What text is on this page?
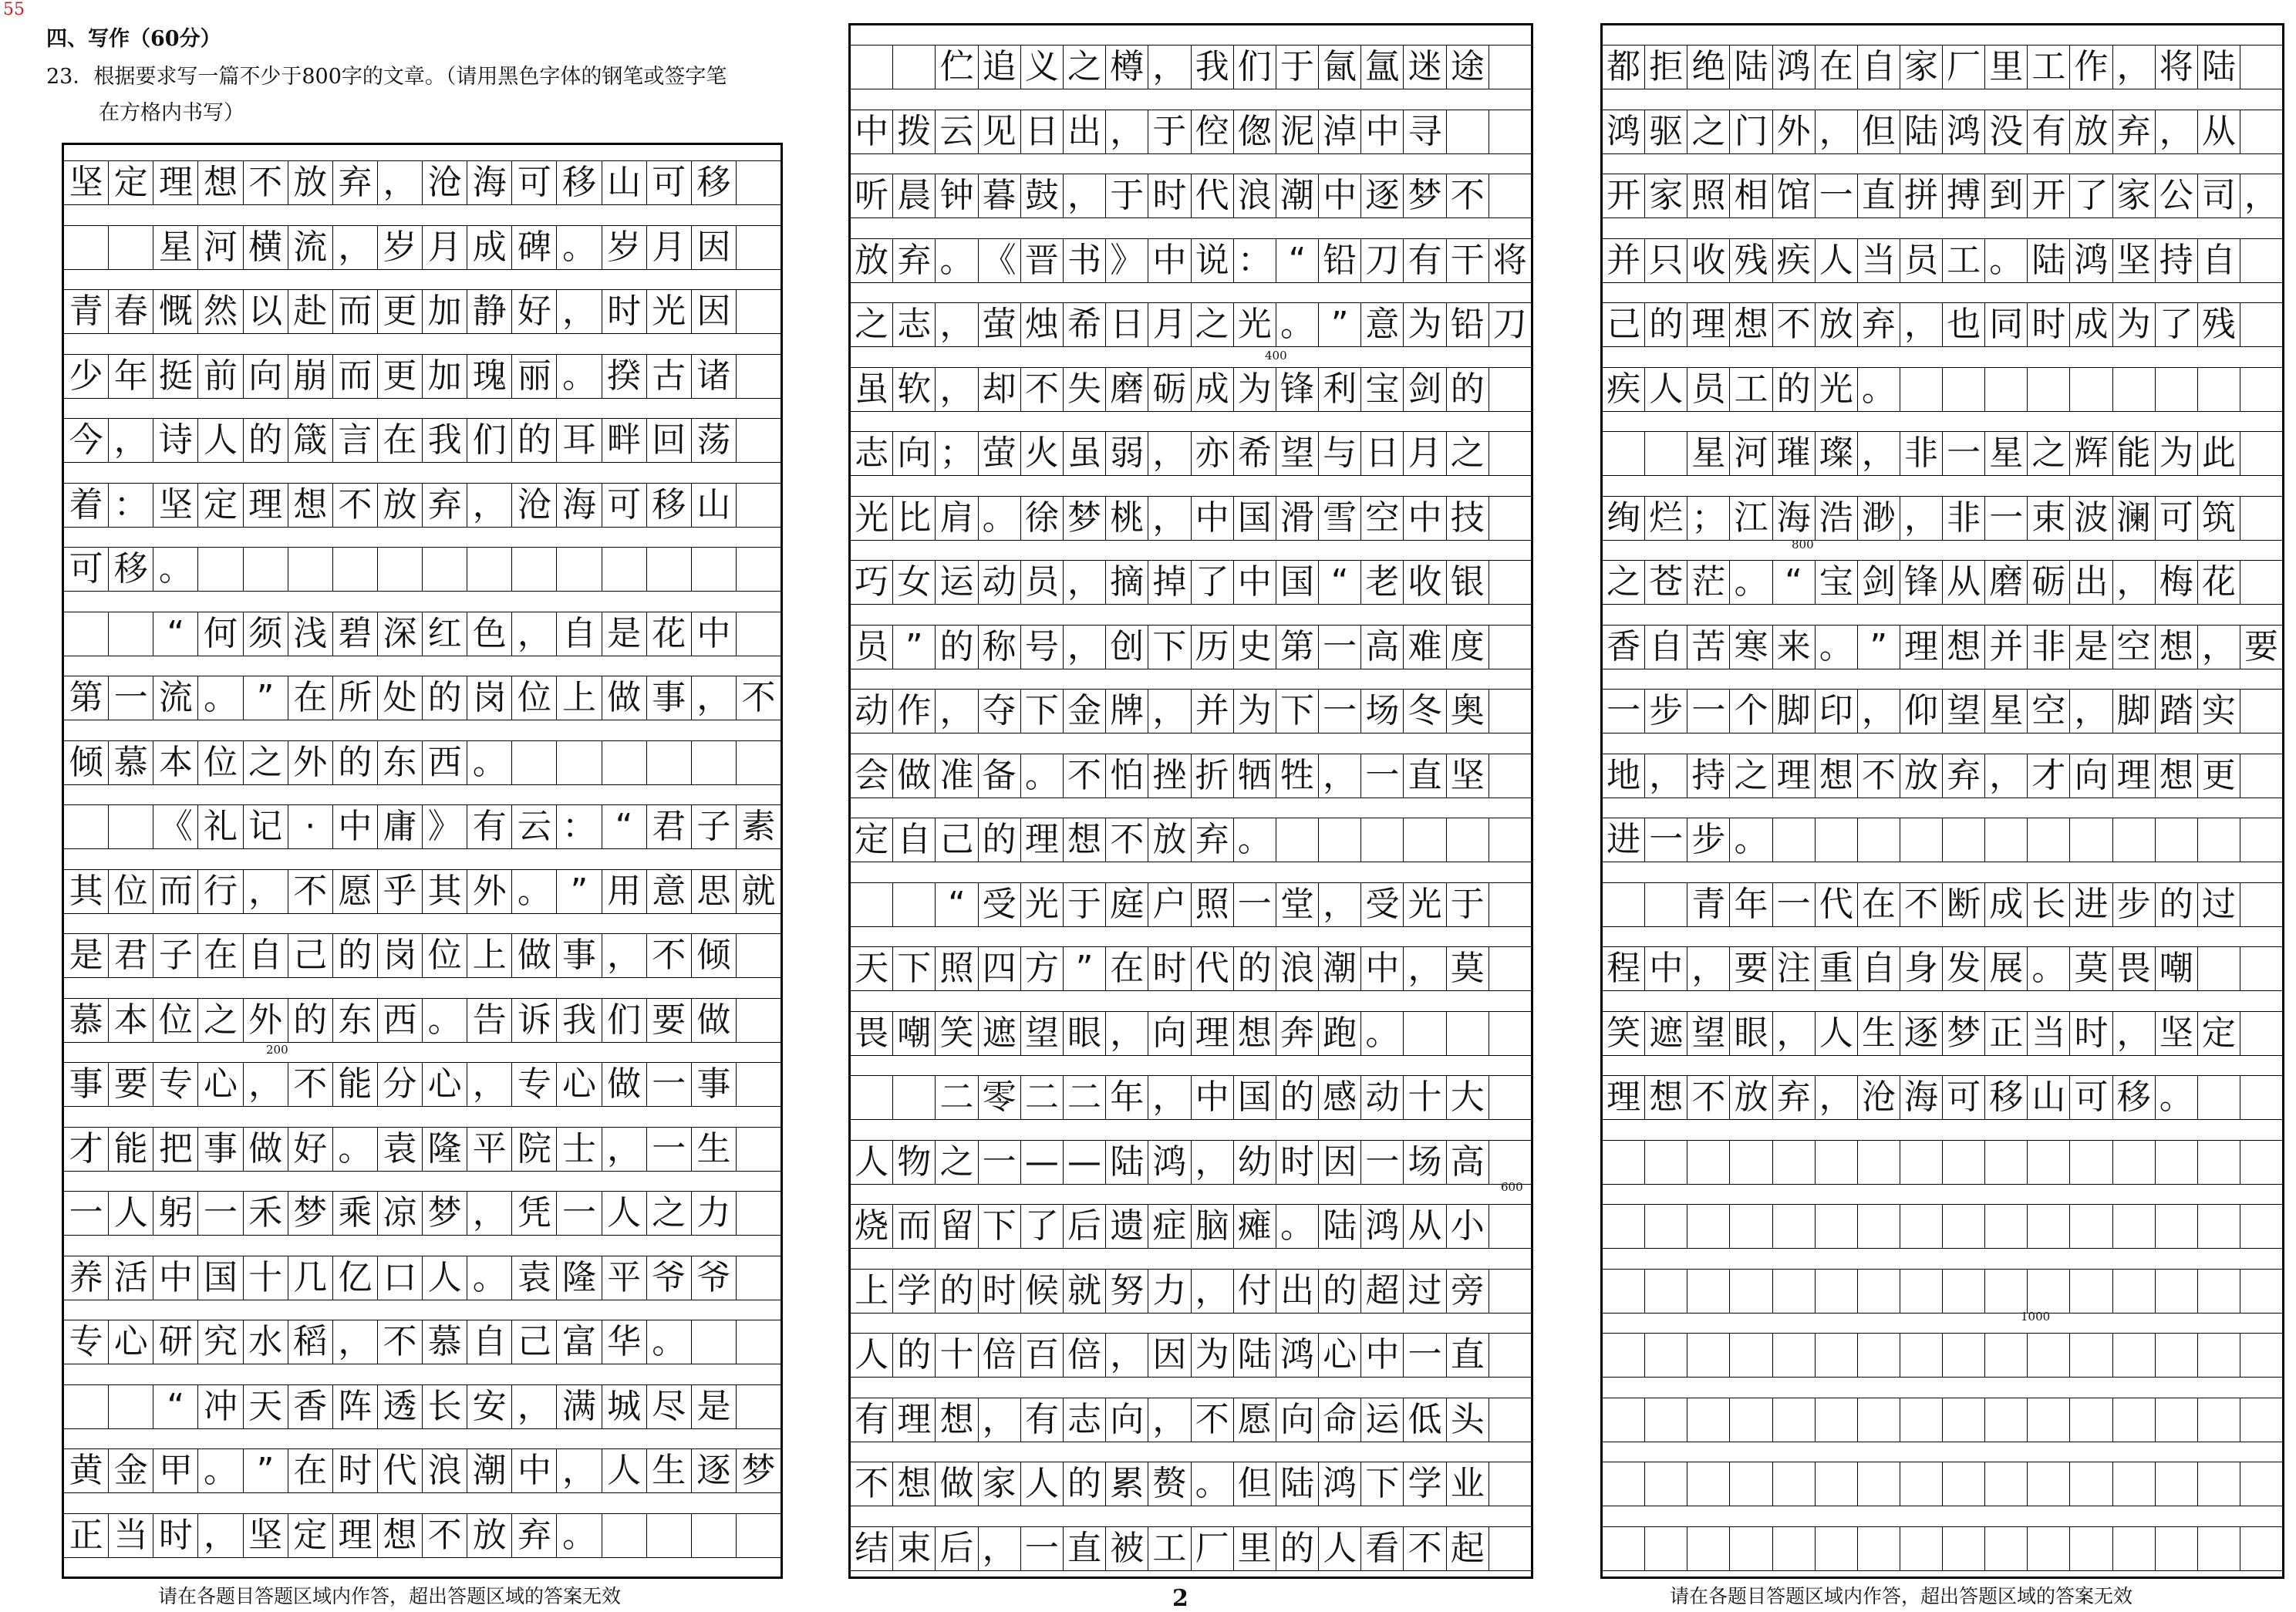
55
四、写作（60分）
23．根据要求写一篇不少于800字的文章。（请用黑色字体的钢笔或签字笔
在方格内书写）
坚 定 理 想 不 放 弃 ， 沧 海 可 移 山 可 移
星 河 横 流 ， 岁 月 成 碑 。 岁 月 因
青 春 慨 然 以 赴 而 更 加 静 好 ， 时 光 因
少 年 挺 前 向 崩 而 更 加 瑰 丽 。 揆 古 诸
今 ， 诗 人 的 箴 言 在 我 们 的 耳 畔 回 荡
着 ： 坚 定 理 想 不 放 弃 ， 沧 海 可 移 山
可 移 。
“ 何 须 浅 碧 深 红 色 ， 自 是 花 中
第 一 流 。 ” 在 所 处 的 岗 位 上 做 事 ， 不
倾 慕 本 位 之 外 的 东 西 。
《 礼 记 · 中 庸 》 有 云 ： “ 君 子 素
其 位 而 行 ， 不 愿 乎 其 外 。 ” 用 意 思 就
是 君 子 在 自 己 的 岗 位 上 做 事 ， 不 倾
慕 本 位 之 外 的 东 西 。 告 诉 我 们 要 做
事 要 专 心 ， 不 能 分 心 ， 专 心 做 一 事
才 能 把 事 做 好 。 袁 隆 平 院 士 ， 一 生
一 人 躬 一 禾 梦 乘 凉 梦 ， 凭 一 人 之 力
养 活 中 国 十 几 亿 口 人 。 袁 隆 平 爷 爷
专 心 研 究 水 稻 ， 不 慕 自 己 富 华 。
“ 冲 天 香 阵 透 长 安 ， 满 城 尽 是
黄 金 甲 。 ” 在 时 代 浪 潮 中 ， 人 生 逐 梦
正 当 时 ， 坚 定 理 想 不 放 弃 。
伫 追 义 之 樽 ， 我 们 于 氤 氲 迷 途
中 拨 云 见 日 出 ， 于 倥 偬 泥 淖 中 寻
听 晨 钟 暮 鼓 ， 于 时 代 浪 潮 中 逐 梦 不
放 弃 。 《 晋 书 》 中 说 ： “ 铅 刀 有 干 将
之 志 ， 萤 烛 希 日 月 之 光 。 ” 意 为 铅 刀
虽 软 ， 却 不 失 磨 砺 成 为 锋 利 宝 剑 的
志 向 ； 萤 火 虽 弱 ， 亦 希 望 与 日 月 之
光 比 肩 。 徐 梦 桃 ， 中 国 滑 雪 空 中 技
巧 女 运 动 员 ， 摘 掉 了 中 国 “ 老 收 银
员 ” 的 称 号 ， 创 下 历 史 第 一 高 难 度
动 作 ， 夺 下 金 牌 ， 并 为 下 一 场 冬 奥
会 做 准 备 。 不 怕 挫 折 牺 牲 ， 一 直 坚
定 自 己 的 理 想 不 放 弃 。
“ 受 光 于 庭 户 照 一 堂 ， 受 光 于
天 下 照 四 方 ” 在 时 代 的 浪 潮 中 ， 莫
畏 嘲 笑 遮 望 眼 ， 向 理 想 奔 跑 。
二 零 二 二 年 ， 中 国 的 感 动 十 大
人 物 之 一 — — 陆 鸿 ， 幼 时 因 一 场 高
烧 而 留 下 了 后 遗 症 脑 瘫 。 陆 鸿 从 小
上 学 的 时 候 就 努 力 ， 付 出 的 超 过 旁
人 的 十 倍 百 倍 ， 因 为 陆 鸿 心 中 一 直
有 理 想 ， 有 志 向 ， 不 愿 向 命 运 低 头
不 想 做 家 人 的 累 赘 。 但 陆 鸿 下 学 业
结 束 后 ， 一 直 被 工 厂 里 的 人 看 不 起
都 拒 绝 陆 鸿 在 自 家 厂 里 工 作 ， 将 陆
鸿 驱 之 门 外 ， 但 陆 鸿 没 有 放 弃 ， 从
开 家 照 相 馆 一 直 拼 搏 到 开 了 家 公 司 ，
并 只 收 残 疾 人 当 员 工 。 陆 鸿 坚 持 自
己 的 理 想 不 放 弃 ， 也 同 时 成 为 了 残
疾 人 员 工 的 光 。
星 河 璀 璨 ， 非 一 星 之 辉 能 为 此
绚 烂 ； 江 海 浩 渺 ， 非 一 束 波 澜 可 筑
之 苍 茫 。 “ 宝 剑 锋 从 磨 砺 出 ， 梅 花
香 自 苦 寒 来 。 ” 理 想 并 非 是 空 想 ， 要
一 步 一 个 脚 印 ， 仰 望 星 空 ， 脚 踏 实
地 ， 持 之 理 想 不 放 弃 ， 才 向 理 想 更
进 一 步 。
青 年 一 代 在 不 断 成 长 进 步 的 过
程 中 ， 要 注 重 自 身 发 展 。 莫 畏 嘲
笑 遮 望 眼 ， 人 生 逐 梦 正 当 时 ， 坚 定
理 想 不 放 弃 ， 沧 海 可 移 山 可 移 。
200
400
600
800
1000
请在各题目答题区域内作答，超出答题区域的答案无效	2	请在各题目答题区域内作答，超出答题区域的答案无效
